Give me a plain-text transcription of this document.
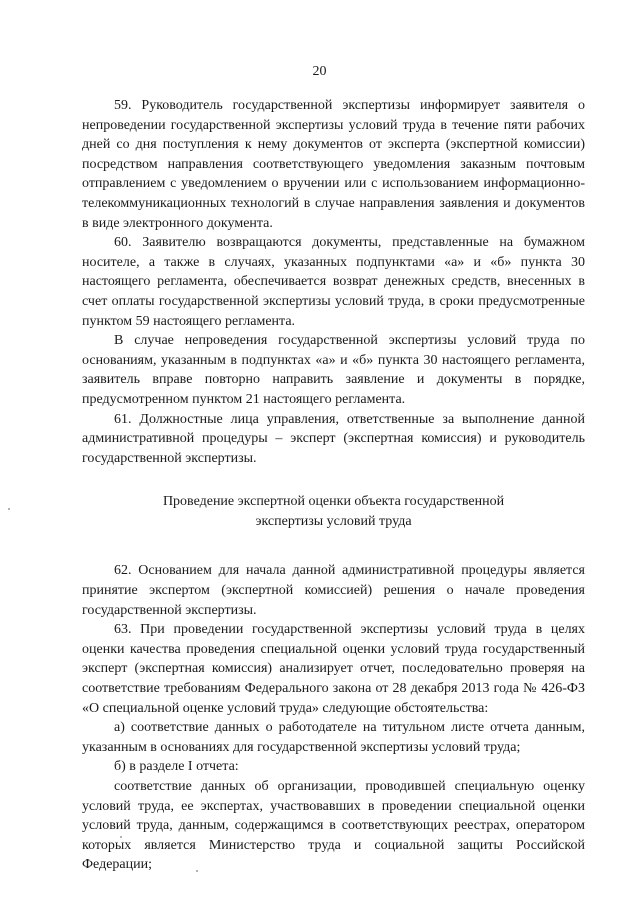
20

59. Руководитель государственной экспертизы информирует заявителя о непроведении государственной экспертизы условий труда в течение пяти рабочих дней со дня поступления к нему документов от эксперта (экспертной комиссии) посредством направления соответствующего уведомления заказным почтовым отправлением с уведомлением о вручении или с использованием информационно-телекоммуникационных технологий в случае направления заявления и документов в виде электронного документа.

60. Заявителю возвращаются документы, представленные на бумажном носителе, а также в случаях, указанных подпунктами «а» и «б» пункта 30 настоящего регламента, обеспечивается возврат денежных средств, внесенных в счет оплаты государственной экспертизы условий труда, в сроки предусмотренные пунктом 59 настоящего регламента.

В случае непроведения государственной экспертизы условий труда по основаниям, указанным в подпунктах «а» и «б» пункта 30 настоящего регламента, заявитель вправе повторно направить заявление и документы в порядке, предусмотренном пунктом 21 настоящего регламента.

61. Должностные лица управления, ответственные за выполнение данной административной процедуры – эксперт (экспертная комиссия) и руководитель государственной экспертизы.

Проведение экспертной оценки объекта государственной
экспертизы условий труда

62. Основанием для начала данной административной процедуры является принятие экспертом (экспертной комиссией) решения о начале проведения государственной экспертизы.

63. При проведении государственной экспертизы условий труда в целях оценки качества проведения специальной оценки условий труда государственный эксперт (экспертная комиссия) анализирует отчет, последовательно проверяя на соответствие требованиям Федерального закона от 28 декабря 2013 года № 426-ФЗ «О специальной оценке условий труда» следующие обстоятельства:

а) соответствие данных о работодателе на титульном листе отчета данным, указанным в основаниях для государственной экспертизы условий труда;

б) в разделе I отчета:

соответствие данных об организации, проводившей специальную оценку условий труда, ее экспертах, участвовавших в проведении специальной оценки условий труда, данным, содержащимся в соответствующих реестрах, оператором которых является Министерство труда и социальной защиты Российской Федерации;
